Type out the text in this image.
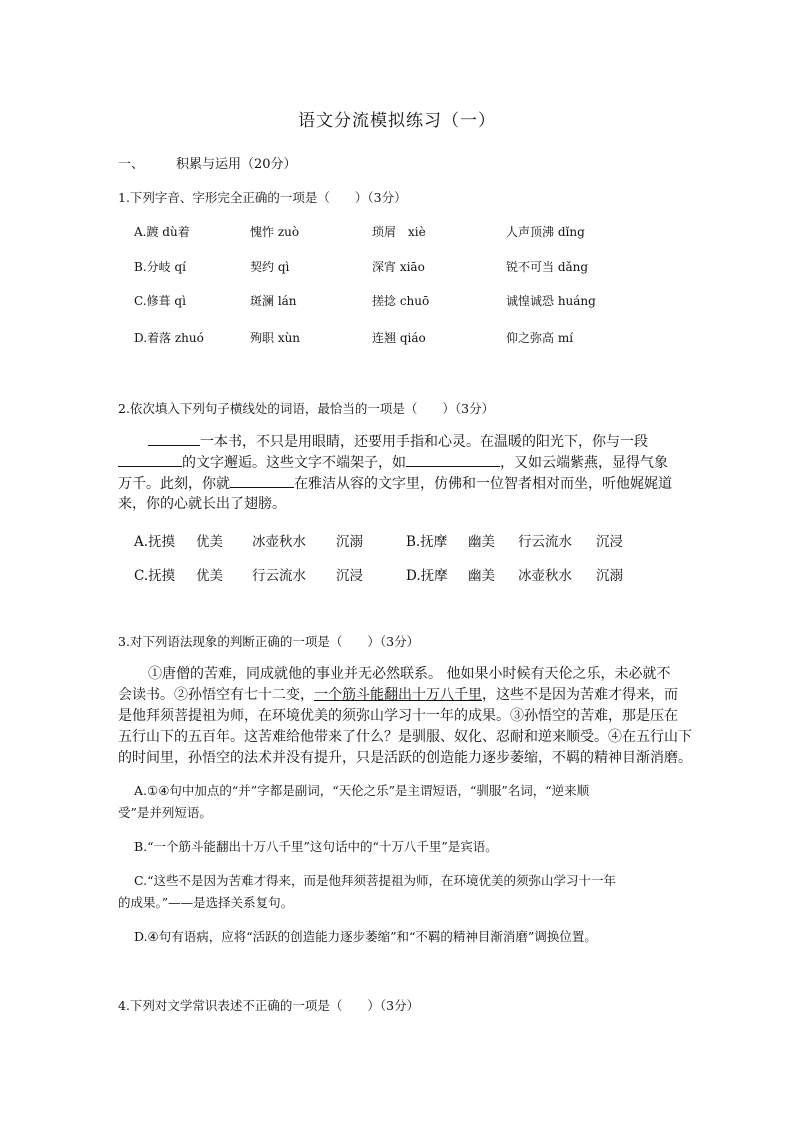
语文分流模拟练习（一）
一、 积累与运用（20分）
1.下列字音、字形完全正确的一项是（　　）（3分）
A.踱 dù着	愧怍 zuò	琐屑　xiè	人声顶沸 dǐng
B.分岐 qí	契约 qì	深宵 xiāo	锐不可当 dǎng
C.修葺 qì	斑澜 lán	搓捻 chuō	诚惶诚恐 huáng
D.着落 zhuó	殉职 xùn	连翘 qiáo	仰之弥高 mí
2.依次填入下列句子横线处的词语，最恰当的一项是（　　）（3分）
一本书，不只是用眼睛，还要用手指和心灵。在温暖的阳光下，你与一段
的文字邂逅。这些文字不端架子，如	，又如云端紫燕，显得气象
万千。此刻，你就	在雅洁从容的文字里，仿佛和一位智者相对而坐，听他娓娓道
来，你的心就长出了翅膀。
A.抚摸 优美 冰壶秋水 沉溺	B.抚摩 幽美 行云流水 沉浸
C.抚摸 优美 行云流水 沉浸	D.抚摩 幽美 冰壶秋水 沉溺
3.对下列语法现象的判断正确的一项是（　　）（3分）
①唐僧的苦难，同成就他的事业并无必然联系。 他如果小时候有天伦之乐，未必就不
会读书。②孙悟空有七十二变，一个筋斗能翻出十万八千里，这些不是因为苦难才得来，而
是他拜须菩提祖为师，在环境优美的须弥山学习十一年的成果。③孙悟空的苦难，那是压在
五行山下的五百年。这苦难给他带来了什么？是驯服、奴化、忍耐和逆来顺受。④在五行山下
的时间里，孙悟空的法术并没有提升，只是活跃的创造能力逐步萎缩，不羁的精神目渐消磨。
A.①④句中加点的“并”字都是副词，“天伦之乐”是主谓短语，“驯服”名词，“逆来顺
受”是并列短语。
B.“一个筋斗能翻出十万八千里”这句话中的“十万八千里”是宾语。
C.“这些不是因为苦难才得来，而是他拜须菩提祖为师，在环境优美的须弥山学习十一年
的成果。”——是选择关系复句。
D.④句有语病，应将“活跃的创造能力逐步萎缩”和“不羁的精神目渐消磨”调换位置。
4.下列对文学常识表述不正确的一项是（　　）（3分）
